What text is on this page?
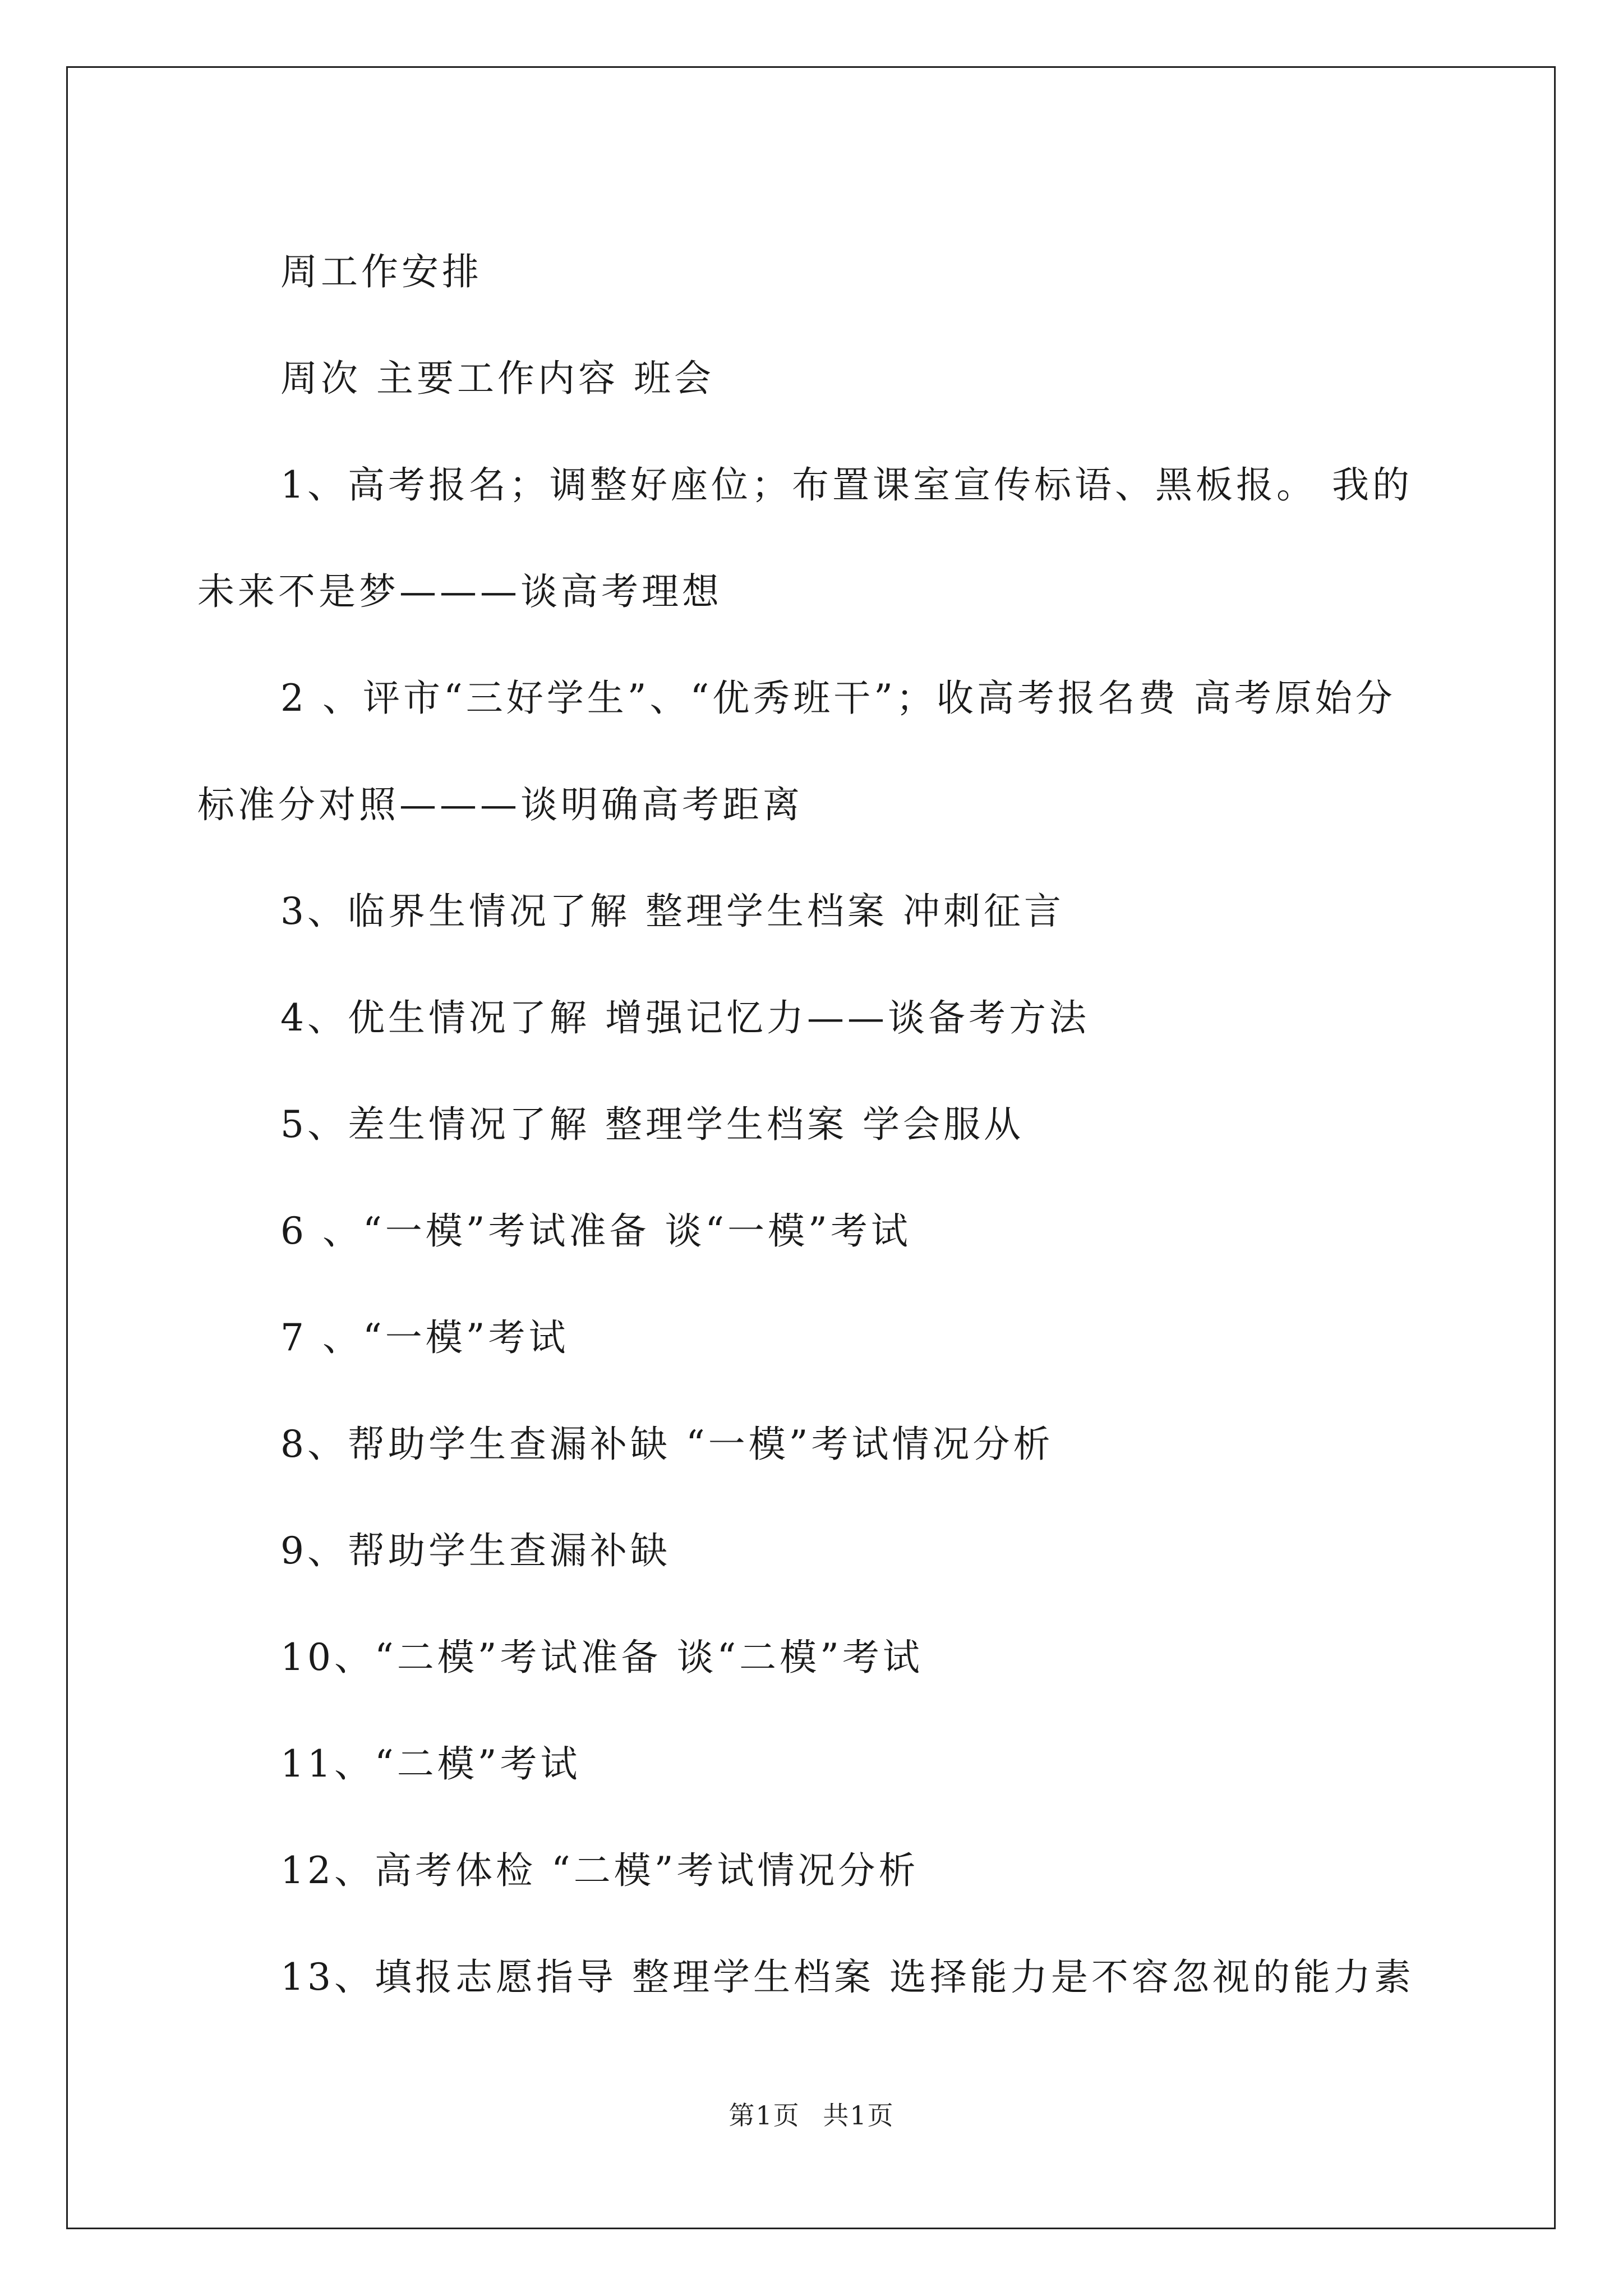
周工作安排

周次 主要工作内容 班会

1、高考报名；调整好座位；布置课室宣传标语、黑板报。 我的

未来不是梦———谈高考理想

2 、评市“三好学生”、“优秀班干”；收高考报名费 高考原始分

标准分对照———谈明确高考距离

3、临界生情况了解 整理学生档案 冲刺征言

4、优生情况了解 增强记忆力——谈备考方法

5、差生情况了解 整理学生档案 学会服从

6 、“一模”考试准备 谈“一模”考试

7 、“一模”考试

8、帮助学生查漏补缺 “一模”考试情况分析

9、帮助学生查漏补缺

10、“二模”考试准备 谈“二模”考试

11、“二模”考试

12、高考体检 “二模”考试情况分析

13、填报志愿指导 整理学生档案 选择能力是不容忽视的能力素

第1页 共1页
